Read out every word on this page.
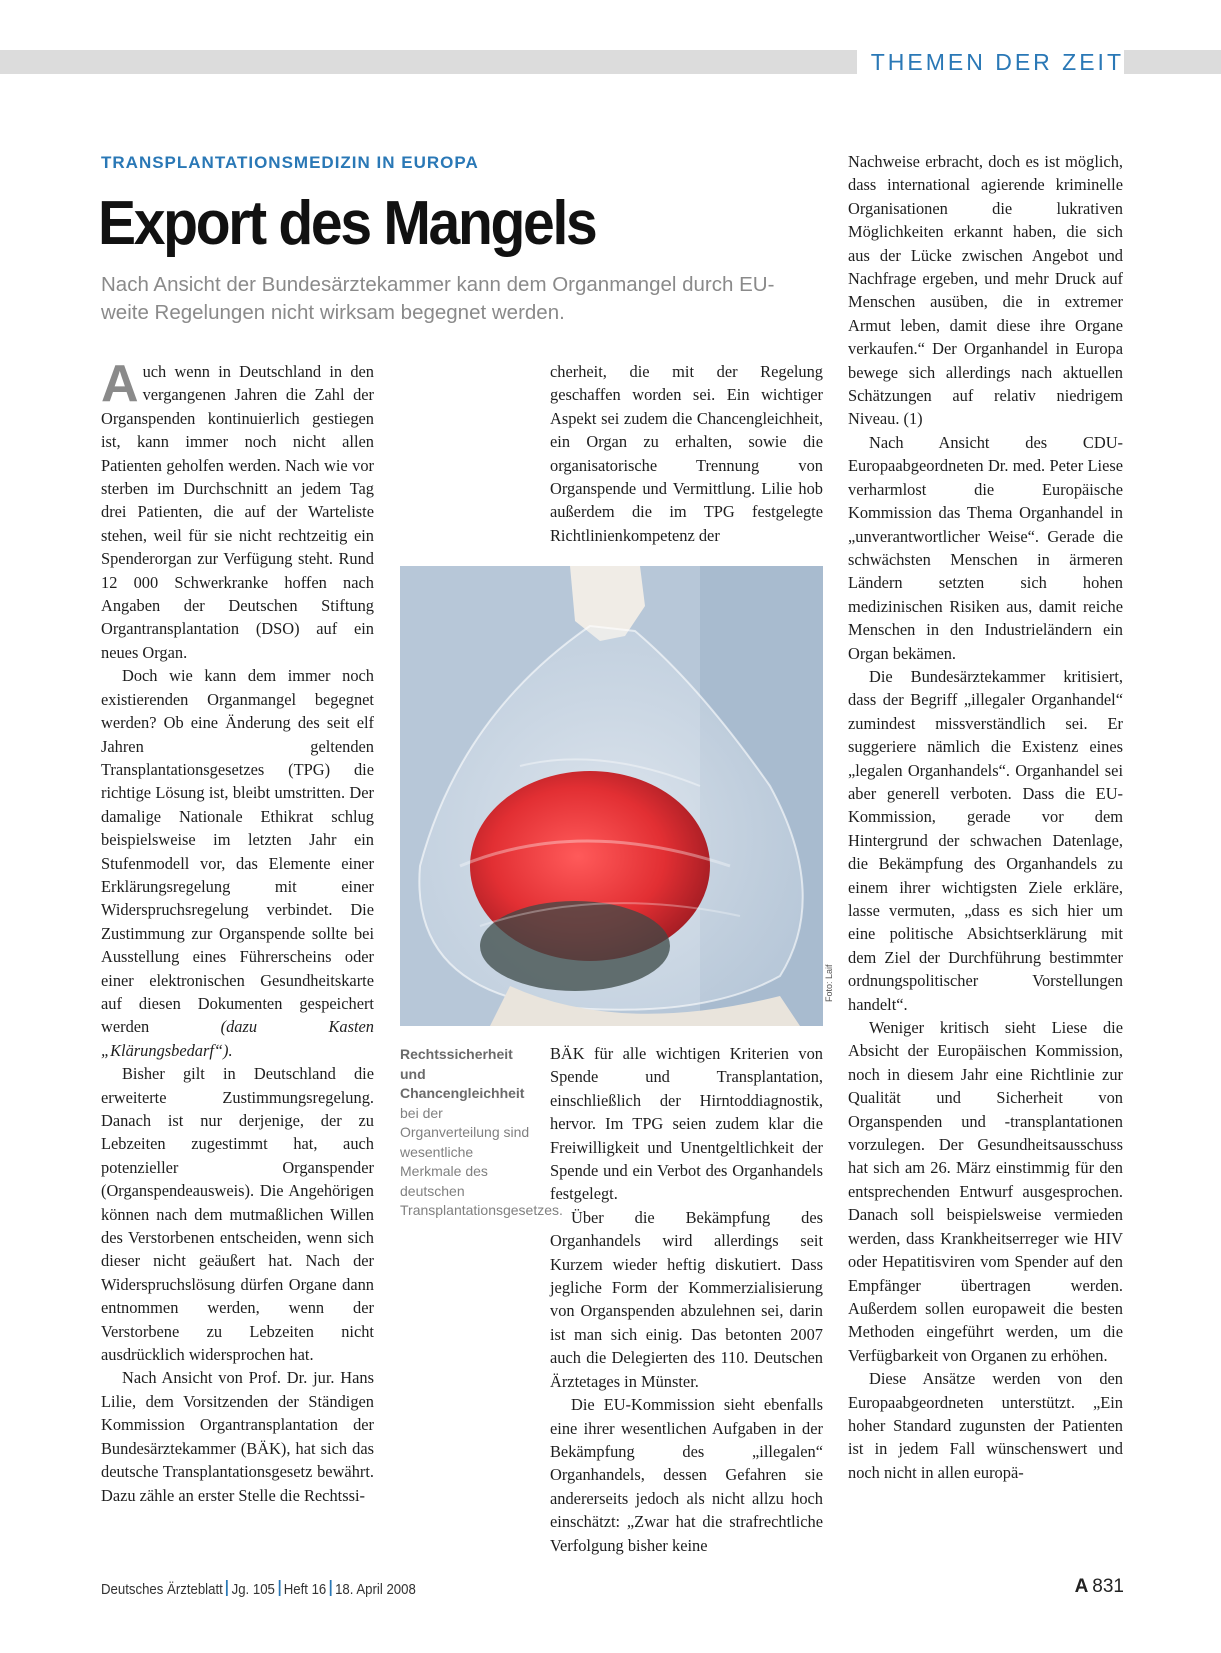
THEMEN DER ZEIT
TRANSPLANTATIONSMEDIZIN IN EUROPA
Export des Mangels
Nach Ansicht der Bundesärztekammer kann dem Organmangel durch EU-weite Regelungen nicht wirksam begegnet werden.

Auch wenn in Deutschland in den vergangenen Jahren die Zahl der Organspenden kontinuierlich gestiegen ist, kann immer noch nicht allen Patienten geholfen werden. Nach wie vor sterben im Durchschnitt an jedem Tag drei Patienten, die auf der Warteliste stehen, weil für sie nicht rechtzeitig ein Spenderorgan zur Verfügung steht. Rund 12 000 Schwerkranke hoffen nach Angaben der Deutschen Stiftung Organtransplantation (DSO) auf ein neues Organ.

Doch wie kann dem immer noch existierenden Organmangel begegnet werden? Ob eine Änderung des seit elf Jahren geltenden Transplantationsgesetzes (TPG) die richtige Lösung ist, bleibt umstritten. Der damalige Nationale Ethikrat schlug beispielsweise im letzten Jahr ein Stufenmodell vor, das Elemente einer Erklärungsregelung mit einer Widerspruchsregelung verbindet. Die Zustimmung zur Organspende sollte bei Ausstellung eines Führerscheins oder einer elektronischen Gesundheitskarte auf diesen Dokumenten gespeichert werden	(dazu Kasten „Klärungsbedarf“).

Bisher gilt in Deutschland die erweiterte Zustimmungsregelung. Danach ist nur derjenige, der zu Lebzeiten zugestimmt hat, auch potenzieller Organspender (Organspendeausweis). Die Angehörigen können nach dem mutmaßlichen Willen des Verstorbenen entscheiden, wenn sich dieser nicht geäußert hat. Nach der Widerspruchslösung dürfen Organe dann entnommen werden, wenn der Verstorbene zu Lebzeiten nicht ausdrücklich widersprochen hat.

Nach Ansicht von Prof. Dr. jur. Hans Lilie, dem Vorsitzenden der Ständigen Kommission Organtransplantation der Bundesärztekammer (BÄK), hat sich das deutsche Transplantationsgesetz bewährt. Dazu zähle an erster Stelle die Rechtssi-

cherheit, die mit der Regelung geschaffen worden sei. Ein wichtiger Aspekt sei zudem die Chancengleichheit, ein Organ zu erhalten, sowie die organisatorische Trennung von Organspende und Vermittlung. Lilie hob außerdem die im TPG festgelegte Richtlinienkompetenz der

Foto: Laif
Rechtssicherheit und Chancengleichheit bei der Organverteilung sind wesentliche Merkmale des deutschen Transplantationsgesetzes.

BÄK für alle wichtigen Kriterien von Spende und Transplantation, einschließlich der Hirntoddiagnostik, hervor. Im TPG seien zudem klar die Freiwilligkeit und Unentgeltlichkeit der Spende und ein Verbot des Organhandels festgelegt.

Über die Bekämpfung des Organhandels wird allerdings seit Kurzem wieder heftig diskutiert. Dass jegliche Form der Kommerzialisierung von Organspenden abzulehnen sei, darin ist man sich einig. Das betonten 2007 auch die Delegierten des 110. Deutschen Ärztetages in Münster.

Die EU-Kommission sieht ebenfalls eine ihrer wesentlichen Aufgaben in der Bekämpfung des „illegalen“ Organhandels, dessen Gefahren sie andererseits jedoch als nicht allzu hoch einschätzt: „Zwar hat die strafrechtliche Verfolgung bisher keine

Nachweise erbracht, doch es ist möglich, dass international agierende kriminelle Organisationen die lukrativen Möglichkeiten erkannt haben, die sich aus der Lücke zwischen Angebot und Nachfrage ergeben, und mehr Druck auf Menschen ausüben, die in extremer Armut leben, damit diese ihre Organe verkaufen.“ Der Organhandel in Europa bewege sich allerdings nach aktuellen Schätzungen auf relativ niedrigem Niveau. (1)

Nach Ansicht des CDU-Europaabgeordneten Dr. med. Peter Liese verharmlost die Europäische Kommission das Thema Organhandel in „unverantwortlicher Weise“. Gerade die schwächsten Menschen in ärmeren Ländern setzten sich hohen medizinischen Risiken aus, damit reiche Menschen in den Industrieländern ein Organ bekämen.

Die Bundesärztekammer kritisiert, dass der Begriff „illegaler Organhandel“ zumindest missverständlich sei. Er suggeriere nämlich die Existenz eines „legalen Organhandels“. Organhandel sei aber generell verboten. Dass die EU-Kommission, gerade vor dem Hintergrund der schwachen Datenlage, die Bekämpfung des Organhandels zu einem ihrer wichtigsten Ziele erkläre, lasse vermuten, „dass es sich hier um eine politische Absichtserklärung mit dem Ziel der Durchführung bestimmter ordnungspolitischer Vorstellungen handelt“.

Weniger kritisch sieht Liese die Absicht der Europäischen Kommission, noch in diesem Jahr eine Richtlinie zur Qualität und Sicherheit von Organspenden und -transplantationen vorzulegen. Der Gesundheitsausschuss hat sich am 26. März einstimmig für den entsprechenden Entwurf ausgesprochen. Danach soll beispielsweise vermieden werden, dass Krankheitserreger wie HIV oder Hepatitisviren vom Spender auf den Empfänger übertragen werden. Außerdem sollen europaweit die besten Methoden eingeführt werden, um die Verfügbarkeit von Organen zu erhöhen.

Diese Ansätze werden von den Europaabgeordneten unterstützt. „Ein hoher Standard zugunsten der Patienten ist in jedem Fall wünschenswert und noch nicht in allen europä-

Deutsches Ärzteblatt Jg. 105 Heft 16 18. April 2008	A 831
